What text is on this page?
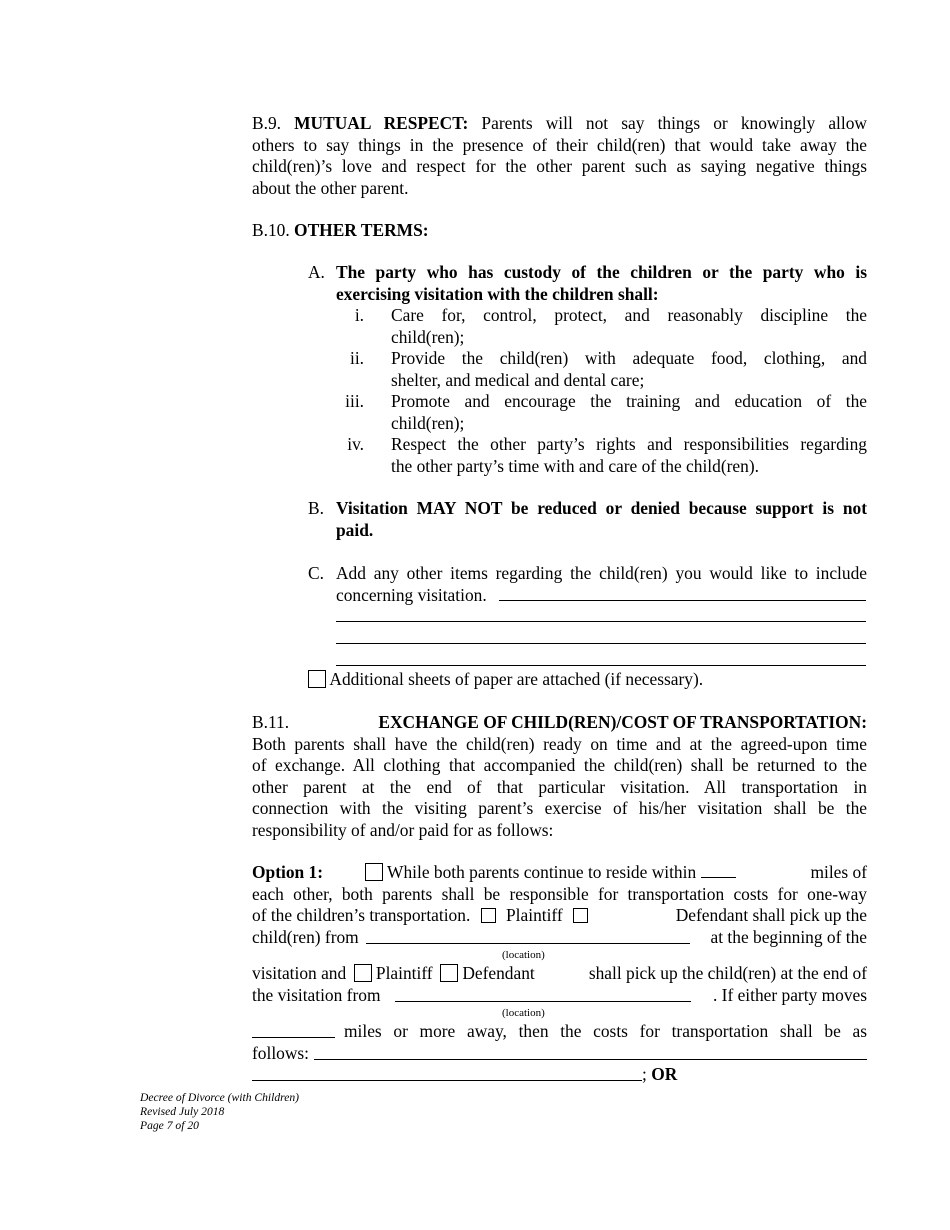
B.9. MUTUAL RESPECT: Parents will not say things or knowingly allow
others to say things in the presence of their child(ren) that would take away the
child(ren)’s love and respect for the other parent such as saying negative things
about the other parent.
B.10. OTHER TERMS:
A. The party who has custody of the children or the party who is
exercising visitation with the children shall:
i. Care for, control, protect, and reasonably discipline the
child(ren);
ii. Provide the child(ren) with adequate food, clothing, and
shelter, and medical and dental care;
iii. Promote and encourage the training and education of the
child(ren);
iv. Respect the other party’s rights and responsibilities regarding
the other party’s time with and care of the child(ren).
B. Visitation MAY NOT be reduced or denied because support is not
paid.
C. Add any other items regarding the child(ren) you would like to include
concerning visitation.
Additional sheets of paper are attached (if necessary).
B.11.	EXCHANGE OF CHILD(REN)/COST OF TRANSPORTATION:
Both parents shall have the child(ren) ready on time and at the agreed-upon time
of exchange. All clothing that accompanied the child(ren) shall be returned to the
other parent at the end of that particular visitation. All transportation in
connection with the visiting parent’s exercise of his/her visitation shall be the
responsibility of and/or paid for as follows:
Option 1:	While both parents continue to reside within	miles of
each other, both parents shall be responsible for transportation costs for one-way
of the children’s transportation. Plaintiff	Defendant shall pick up the
child(ren) from	at the beginning of the
(location)
visitation and Plaintiff Defendant	shall pick up the child(ren) at the end of
the visitation from	. If either party moves
(location)
miles or more away, then the costs for transportation shall be as
follows:
; OR
Decree of Divorce (with Children)
Revised July 2018
Page 7 of 20
